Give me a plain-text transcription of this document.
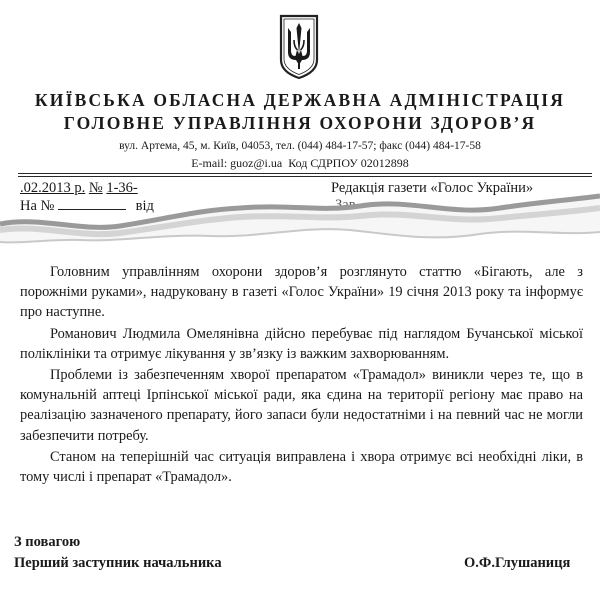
КИЇВСЬКА ОБЛАСНА ДЕРЖАВНА АДМІНІСТРАЦІЯ
ГОЛОВНЕ УПРАВЛІННЯ ОХОРОНИ ЗДОРОВ’Я
вул. Артема, 45, м. Київ, 04053, тел. (044) 484-17-57; факс (044) 484-17-58
E-mail: guoz@i.ua Код СДРПОУ 02012898
.02.2013 р. № 1-36-	Редакція газети «Голос України»
На №	від	Зав

Головним управлінням охорони здоров’я розглянуто статтю «Бігають, але з порожніми руками», надруковану в газеті «Голос України» 19 січня 2013 року та інформує про наступне.

Романович Людмила Омелянівна дійсно перебуває під наглядом Бучанської міської поліклініки та отримує лікування у зв’язку із важким захворюванням.

Проблеми із забезпеченням хворої препаратом «Трамадол» виникли через те, що в комунальній аптеці Ірпінської міської ради, яка єдина на території регіону має право на реалізацію зазначеного препарату, його запаси були недостатніми і на певний час не могли забезпечити потребу.

Станом на теперішній час ситуація виправлена і хвора отримує всі необхідні ліки, в тому числі і препарат «Трамадол».

З повагою
Перший заступник начальника	О.Ф.Глушаниця
